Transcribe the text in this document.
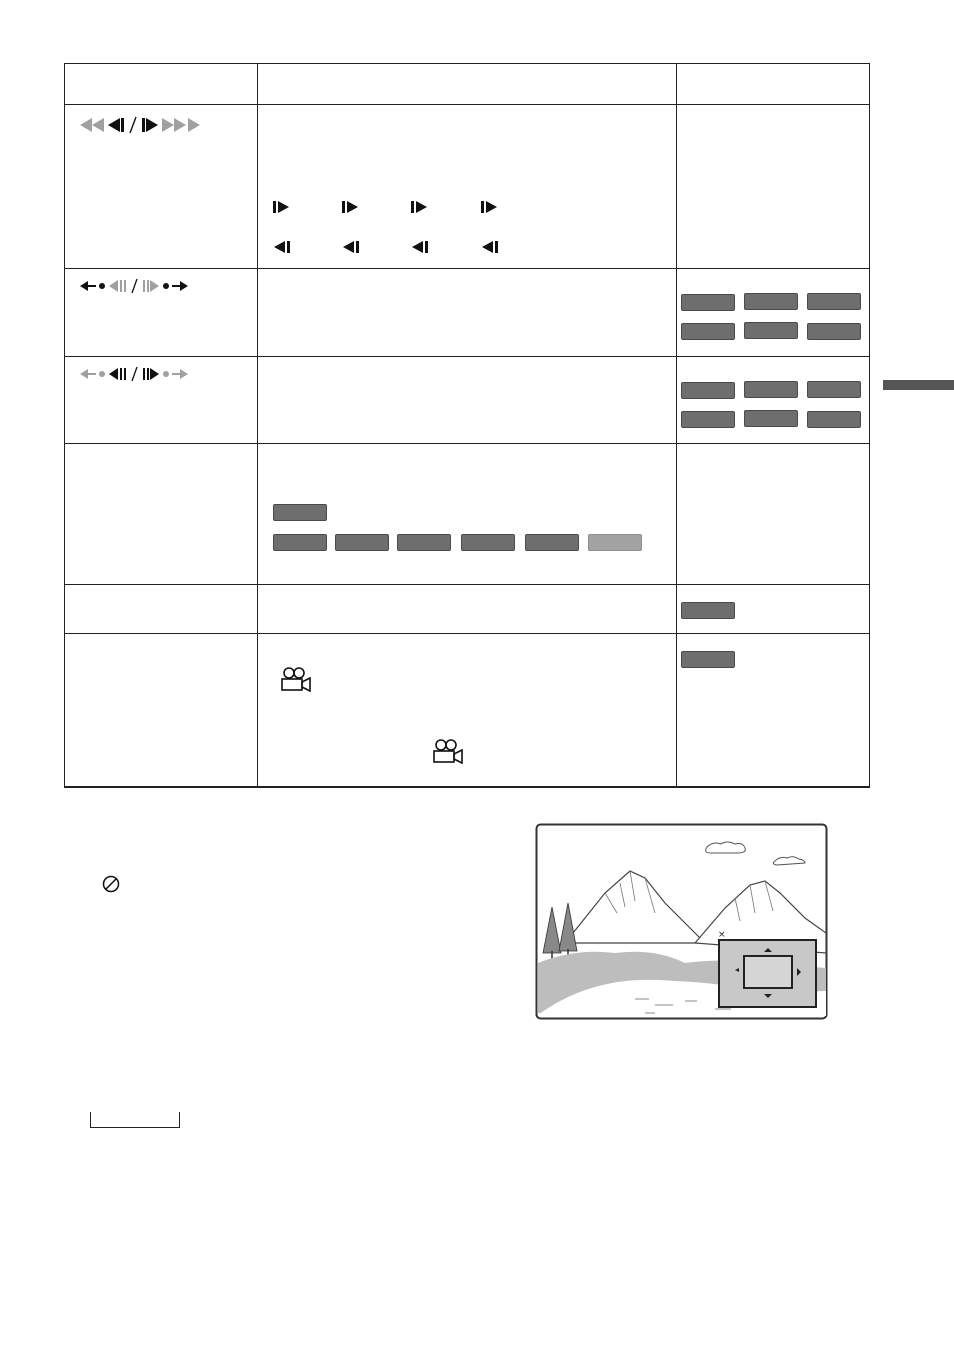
×
